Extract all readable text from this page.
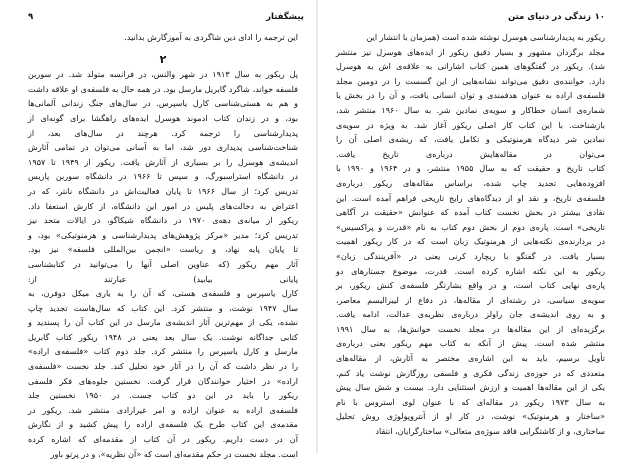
پیشگفتار
۹
این ترجمه را ادای دین شاگردی به آموزگارش بدانید.
۲
پل ریکور به سال ۱۹۱۳ در شهر والنس، در فرانسه متولد شد. در سوربن
فلسفه خواند، شاگرد گابریل مارسل بود. در همه حال به فلسفه‌ی او علاقه داشت
و هم به هستی‌شناسی کارل یاسپرس. در سال‌های جنگ زندانی آلمانی‌ها
بود، و در زندان کتاب ادموند هوسرل ایده‌های راهگشا برای گونه‌ای از
پدیدارشناسی را ترجمه کرد. هرچند در سال‌های بعد، از
شناخت‌شناسی پدیداری دور شد، اما به آسانی می‌توان در تمامی آثارش
اندیشه‌ی هوسرل را بر بسیاری از آثارش یافت. ریکور از ۱۹۴۹ تا ۱۹۵۷
در دانشگاه استراسبورگ، و سپس تا ۱۹۶۶ در دانشگاه سوربن پاریس
تدریس کرد؛ از سال ۱۹۶۶ تا پایان فعالیت‌اش در دانشگاه نانتر، که در
اعتراض به دخالت‌های پلیس در امور این دانشگاه، از کارش استعفا داد.
ریکور از میانه‌ی دهه‌ی ۱۹۷۰ در دانشگاه شیکاگو، در ایالات متحد نیز
تدریس کرد؛ مدیر «مرکز پژوهش‌های پدیدارشناسی و هرمنوتیکی» بود، و
تا پایان پایه نهاد، و ریاست «انجمن بین‌المللی فلسفه» نیز بود.
آثار مهم ریکور (که عناوین اصلی آنها را می‌توانید در کتابشناسی
پایانی بیابید) عبارتند از:
کارل یاسپرس و فلسفه‌ی هستی، که آن را به یاری میکل دوفرن، به
سال ۱۹۴۷ نوشت، و منتشر کرد. این کتاب که سال‌هاست تجدید چاپ
نشده، یکی از مهم‌ترین آثار اندیشه‌ی مارسل در این کتاب آن را پسندید و
کتابی جداگانه نوشت. یک سال بعد یعنی در ۱۹۴۸ ریکور کتاب گابریل
مارسل و کارل یاسپرس را منتشر کرد. جلد دوم کتاب «فلسفه‌ی اراده»
را در نظر داشت که آن را در آثار خود تحلیل کند. جلد نخست «فلسفه‌ی
اراده» در اختیار خوانندگان قرار گرفت. نخستین جلوه‌های فکر فلسفی
ریکور را باید در این دو کتاب جست. در ۱۹۵۰ نخستین جلد
فلسفه‌ی اراده به عنوان اراده و امر غیرارادی منتشر شد. ریکور در
مقدمه‌ی این کتاب طرح یک فلسفه‌ی اراده را پیش کشید و از نگارش
آن در دست داریم. ریکور در آن کتاب از مقدمه‌ای که اشاره کرده
است. مجلد نخست در حکم مقدمه‌ای است که «آن نظریه»، و در پرتو باور
۱۰
زندگی در دنیای متن
ریکور به پدیدارشناسی هوسرل نوشته شده است (همزمان با انتشار این
مجلد برگردان مشهور و بسیار دقیق ریکور از ایده‌های هوسرل نیز منتشر
شد). ریکور در گفتگوهای همین کتاب اشاراتی به علاقه‌ی اش به هوسرل
دارد. خواننده‌ی دقیق می‌تواند نشانه‌هایی از این گسست را در دومین مجلد
فلسفه‌ی اراده به عنوان هدفمندی و توان انسانی یافت، و آن را در بخش یا
شماره‌ی انسان خطاکار و سویه‌ی نمادین شر. به سال ۱۹۶۰ منتشر شد،
بازشناخت. با این کتاب کار اصلی ریکور آغاز شد. به ویژه در سویه‌ی
نمادین شر دیدگاه هرمنوتیکی و تکامل یافت، که ریشه‌ی اصلی آن را
می‌توان در مقاله‌هایش درباره‌ی تاریخ یافت.
کتاب تاریخ و حقیقت که به سال ۱۹۵۵ منتشر، و در ۱۹۶۴ و ۱۹۹۰ با
افزوده‌هایی تجدید چاپ شده، براساس مقاله‌های ریکور درباره‌ی
فلسفه‌ی تاریخ، و نقد او از دیدگاه‌های رایج تاریخی فراهم آمده است. این
نقادی بیشتر در بخش نخست کتاب آمده که عنوانش «حقیقت در آگاهی
تاریخی» است. پاره‌ی دوم از بخش دوم کتاب به نام «قدرت و پراکسیس»
در بردارنده‌ی نکته‌هایی از هرمنوتیک زبان است که در کار ریکور اهمیت
بسیار یافت. در گفتگو با ریچارد کرنی یعنی در «آفرینندگی زبان»
ریکور به این نکته اشاره کرده است. قدرت، موضوع جستارهای دو
پاره‌ی نهایی کتاب است، و در واقع بشارتگر فلسفه‌ی کنش ریکور، بر
سویه‌ی سیاسی، در رشته‌ای از مقاله‌ها، در دفاع از لیبرالیسم معاصر،
و به روی اندیشه‌ی جان راولز درباره‌ی نظریه‌ی عدالت، ادامه یافت.
برگزیده‌ای از این مقاله‌ها در مجلد نخست خوانش‌ها، به سال ۱۹۹۱
منتشر شده است. پیش از آنکه به کتاب مهم ریکور یعنی درباره‌ی
تأویل برسیم، باید به این اشاره‌ی مختصر به آثارش، از مقاله‌های
متعددی که در حوزه‌ی زندگی فکری و فلسفی روزگارش نوشت یاد کنم.
یکی از این مقاله‌ها اهمیت و ارزش استثنایی دارد. بیست و شش سال پیش
به سال ۱۹۷۳ ریکور در مقاله‌ای که با عنوان لوی استروس با نام
«ساختار و هرمنوتیک» نوشت، در کار او از آنتروپولوژی روش تحلیل
ساختاری، و از کاشتگرایی فاقد سوژه‌ی متعالی» ساختارگرایان، انتقاد
